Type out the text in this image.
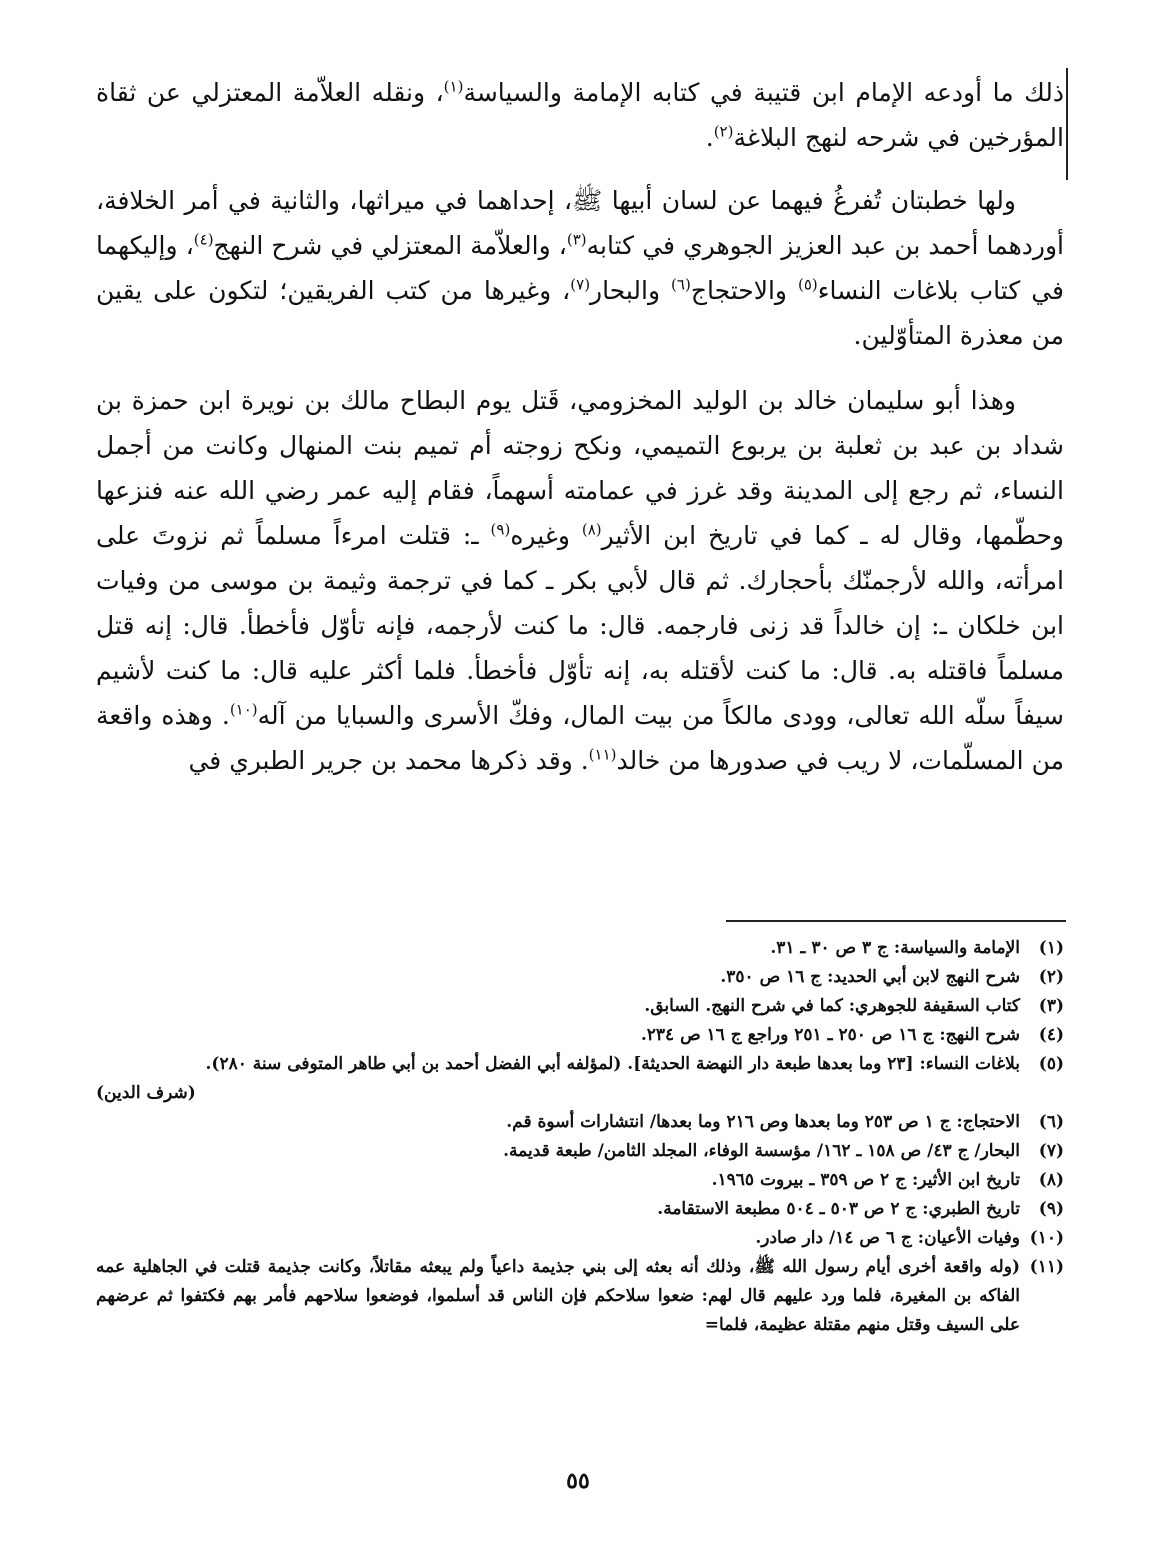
ذلك ما أودعه الإمام ابن قتيبة في كتابه الإمامة والسياسة$^{(١)}$، ونقله العلاّمة المعتزلي عن ثقاة المؤرخين في شرحه لنهج البلاغة$^{(٢)}$.

ولها خطبتان تُفرغُ فيهما عن لسان أبيها ﷺ، إحداهما في ميراثها، والثانية في أمر الخلافة، أوردهما أحمد بن عبد العزيز الجوهري في كتابه$^{(٣)}$، والعلاّمة المعتزلي في شرح النهج$^{(٤)}$، وإليكهما في كتاب بلاغات النساء$^{(٥)}$ والاحتجاج$^{(٦)}$ والبحار$^{(٧)}$، وغيرها من كتب الفريقين؛ لتكون على يقين من معذرة المتأوّلين.

وهذا أبو سليمان خالد بن الوليد المخزومي، قَتل يوم البطاح مالك بن نويرة ابن حمزة بن شداد بن عبد بن ثعلبة بن يربوع التميمي، ونكح زوجته أم تميم بنت المنهال وكانت من أجمل النساء، ثم رجع إلى المدينة وقد غرز في عمامته أسهماً، فقام إليه عمر رضي الله عنه فنزعها وحطّمها، وقال له ـ كما في تاريخ ابن الأثير$^{(٨)}$ وغيره$^{(٩)}$ ـ: قتلت امرءاً مسلماً ثم نزوتَ على امرأته، والله لأرجمنّك بأحجارك. ثم قال لأبي بكر ـ كما في ترجمة وثيمة بن موسى من وفيات ابن خلكان ـ: إن خالداً قد زنى فارجمه. قال: ما كنت لأرجمه، فإنه تأوّل فأخطأ. قال: إنه قتل مسلماً فاقتله به. قال: ما كنت لأقتله به، إنه تأوّل فأخطأ. فلما أكثر عليه قال: ما كنت لأشيم سيفاً سلّه الله تعالى، وودى مالكاً من بيت المال، وفكّ الأسرى والسبايا من آله$^{(١٠)}$. وهذه واقعة من المسلّمات، لا ريب في صدورها من خالد$^{(١١)}$. وقد ذكرها محمد بن جرير الطبري في

(١)
الإمامة والسياسة: ج ٣ ص ٣٠ ـ ٣١.
(٢)
شرح النهج لابن أبي الحديد: ج ١٦ ص ٣٥٠.
(٣)
كتاب السقيفة للجوهري: كما في شرح النهج. السابق.
(٤)
شرح النهج: ج ١٦ ص ٢٥٠ ـ ٢٥١ وراجع ج ١٦ ص ٢٣٤.
(٥)
بلاغات النساء: [٢٣ وما بعدها طبعة دار النهضة الحديثة]. (لمؤلفه أبي الفضل أحمد بن أبي طاهر المتوفى سنة ٢٨٠).
(شرف الدين)
(٦)
الاحتجاج: ج ١ ص ٢٥٣ وما بعدها وص ٢١٦ وما بعدها/ انتشارات أسوة قم.
(٧)
البحار/ ج ٤٣/ ص ١٥٨ ـ ١٦٢/ مؤسسة الوفاء، المجلد الثامن/ طبعة قديمة.
(٨)
تاريخ ابن الأثير: ج ٢ ص ٣٥٩ ـ بيروت ١٩٦٥.
(٩)
تاريخ الطبري: ج ٢ ص ٥٠٣ ـ ٥٠٤ مطبعة الاستقامة.
(١٠)
وفيات الأعيان: ج ٦ ص ١٤/ دار صادر.
(١١)
(وله واقعة أخرى أيام رسول الله ﷺ، وذلك أنه بعثه إلى بني جذيمة داعياً ولم يبعثه مقاتلاً، وكانت جذيمة قتلت في الجاهلية عمه الفاكه بن المغيرة، فلما ورد عليهم قال لهم: ضعوا سلاحكم فإن الناس قد أسلموا، فوضعوا سلاحهم فأمر بهم فكتفوا ثم عرضهم على السيف وقتل منهم مقتلة عظيمة، فلما=
٥٥
